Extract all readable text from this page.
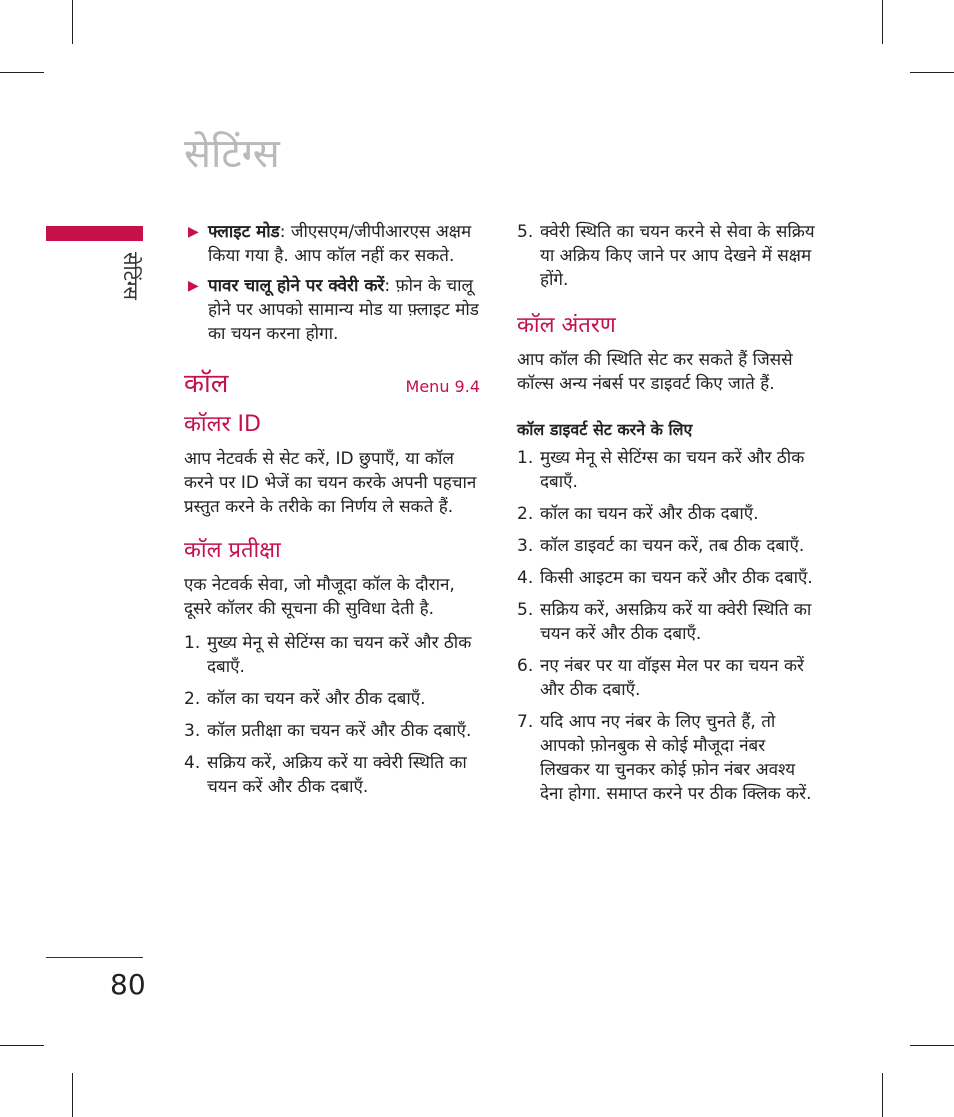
सेटिंग्स
सेटिंग्स
80
▶ फ्लाइट मोड: जीएसएम/जीपीआरएस अक्षम किया गया है. आप कॉल नहीं कर सकते.
▶ पावर चालू होने पर क्वेरी करें: फ़ोन के चालू होने पर आपको सामान्य मोड या फ़्लाइट मोड का चयन करना होगा.
कॉल	Menu 9.4
कॉलर ID

आप नेटवर्क से सेट करें, ID छुपाएँ, या कॉल करने पर ID भेजें का चयन करके अपनी पहचान प्रस्तुत करने के तरीके का निर्णय ले सकते हैं.

कॉल प्रतीक्षा

एक नेटवर्क सेवा, जो मौजूदा कॉल के दौरान, दूसरे कॉलर की सूचना की सुविधा देती है.

1. मुख्य मेनू से सेटिंग्स का चयन करें और ठीक दबाएँ.
2. कॉल का चयन करें और ठीक दबाएँ.
3. कॉल प्रतीक्षा का चयन करें और ठीक दबाएँ.
4. सक्रिय करें, अक्रिय करें या क्वेरी स्थिति का चयन करें और ठीक दबाएँ.
5. क्वेरी स्थिति का चयन करने से सेवा के सक्रिय या अक्रिय किए जाने पर आप देखने में सक्षम होंगे.
कॉल अंतरण

आप कॉल की स्थिति सेट कर सकते हैं जिससे कॉल्स अन्य नंबर्स पर डाइवर्ट किए जाते हैं.

कॉल डाइवर्ट सेट करने के लिए
1. मुख्य मेनू से सेटिंग्स का चयन करें और ठीक दबाएँ.
2. कॉल का चयन करें और ठीक दबाएँ.
3. कॉल डाइवर्ट का चयन करें, तब ठीक दबाएँ.
4. किसी आइटम का चयन करें और ठीक दबाएँ.
5. सक्रिय करें, असक्रिय करें या क्वेरी स्थिति का चयन करें और ठीक दबाएँ.
6. नए नंबर पर या वॉइस मेल पर का चयन करें और ठीक दबाएँ.
7. यदि आप नए नंबर के लिए चुनते हैं, तो आपको फ़ोनबुक से कोई मौजूदा नंबर लिखकर या चुनकर कोई फ़ोन नंबर अवश्य देना होगा. समाप्त करने पर ठीक क्लिक करें.
